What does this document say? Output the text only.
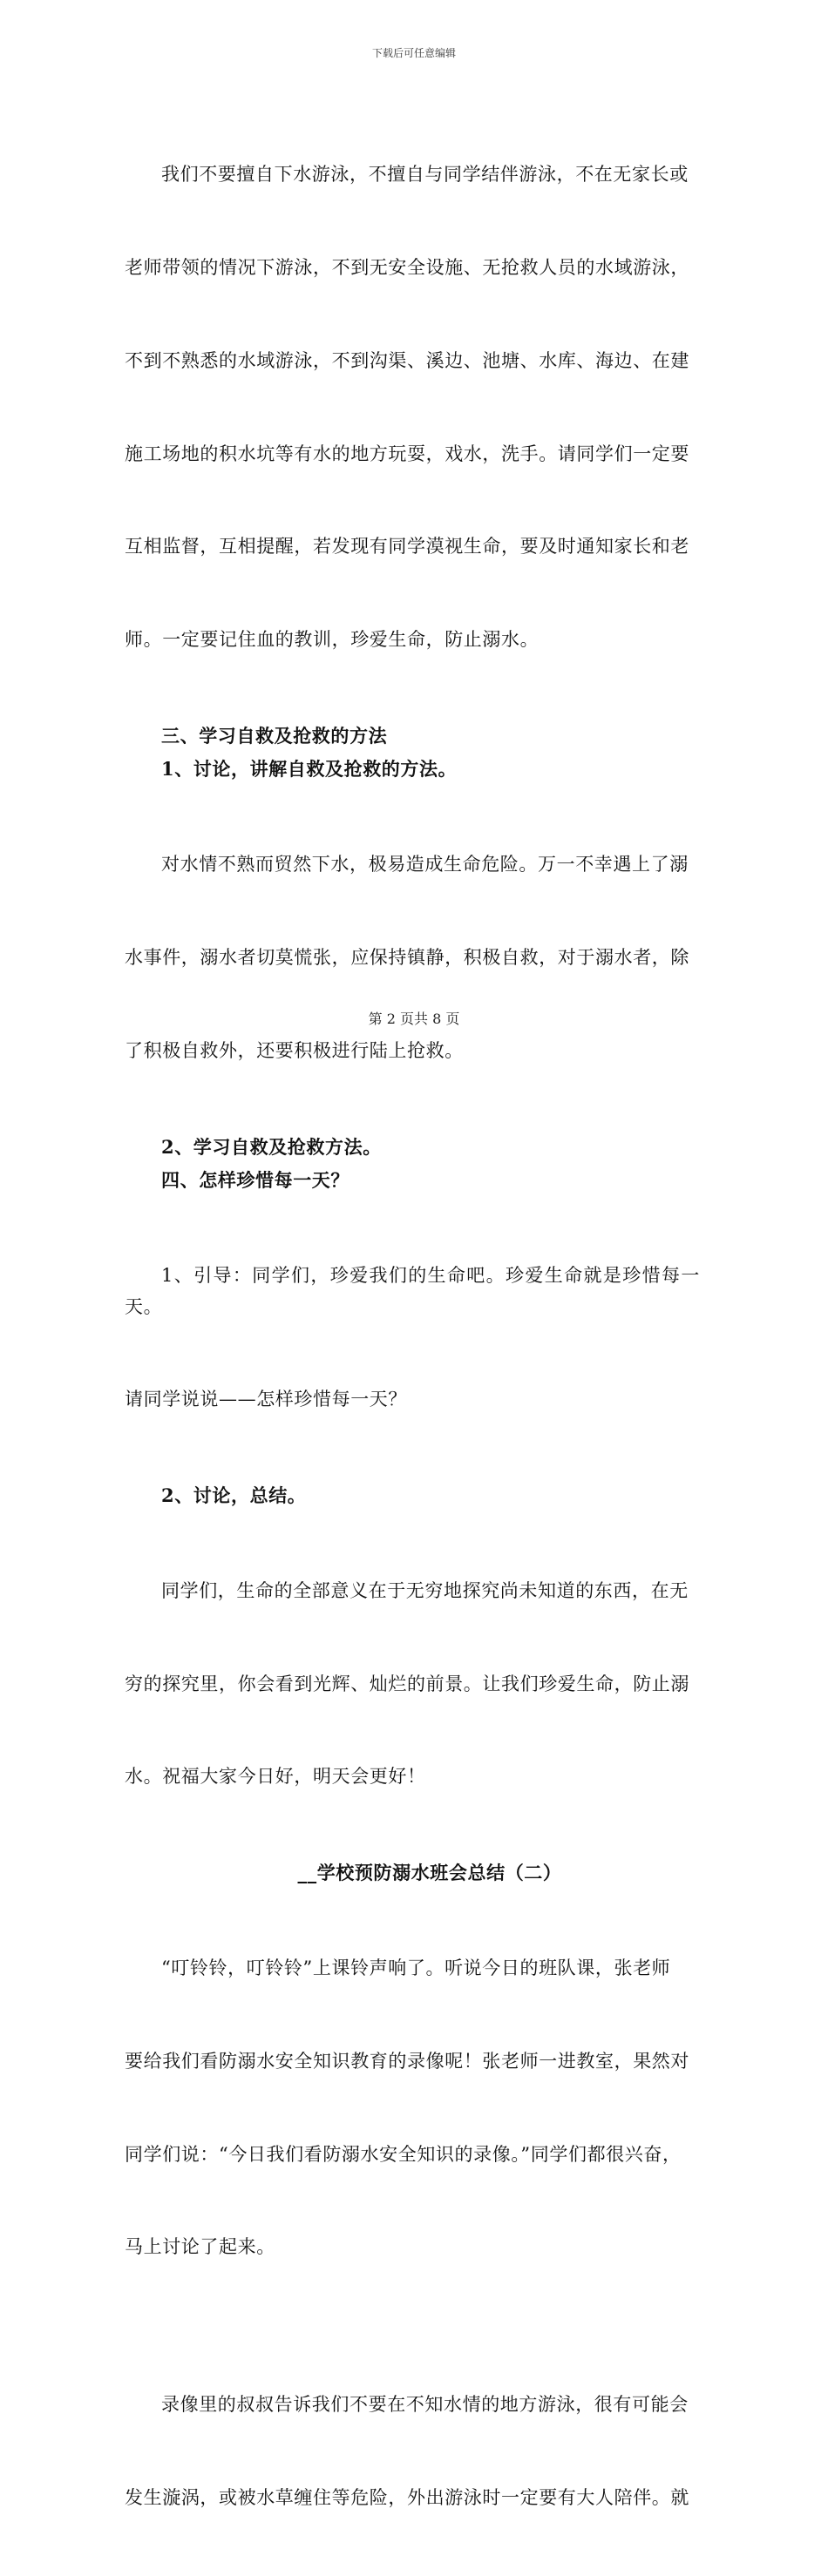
下载后可任意编辑

我们不要擅自下水游泳，不擅自与同学结伴游泳，不在无家长或

老师带领的情况下游泳，不到无安全设施、无抢救人员的水域游泳，

不到不熟悉的水域游泳，不到沟渠、溪边、池塘、水库、海边、在建

施工场地的积水坑等有水的地方玩耍，戏水，洗手。请同学们一定要

互相监督，互相提醒，若发现有同学漠视生命，要及时通知家长和老

师。一定要记住血的教训，珍爱生命，防止溺水。

三、学习自救及抢救的方法
1、讨论，讲解自救及抢救的方法。

对水情不熟而贸然下水，极易造成生命危险。万一不幸遇上了溺

水事件，溺水者切莫慌张，应保持镇静，积极自救，对于溺水者，除

了积极自救外，还要积极进行陆上抢救。

2、学习自救及抢救方法。
四、怎样珍惜每一天？

1、引导：同学们，珍爱我们的生命吧。珍爱生命就是珍惜每一天。

请同学说说——怎样珍惜每一天？

2、讨论，总结。

同学们，生命的全部意义在于无穷地探究尚未知道的东西，在无

穷的探究里，你会看到光辉、灿烂的前景。让我们珍爱生命，防止溺

水。祝福大家今日好，明天会更好！

__学校预防溺水班会总结（二）

“叮铃铃，叮铃铃”上课铃声响了。听说今日的班队课，张老师

要给我们看防溺水安全知识教育的录像呢！张老师一进教室，果然对

同学们说：“今日我们看防溺水安全知识的录像。”同学们都很兴奋，

马上讨论了起来。

录像里的叔叔告诉我们不要在不知水情的地方游泳，很有可能会

发生漩涡，或被水草缠住等危险，外出游泳时一定要有大人陪伴。就

第 2 页共 8 页
